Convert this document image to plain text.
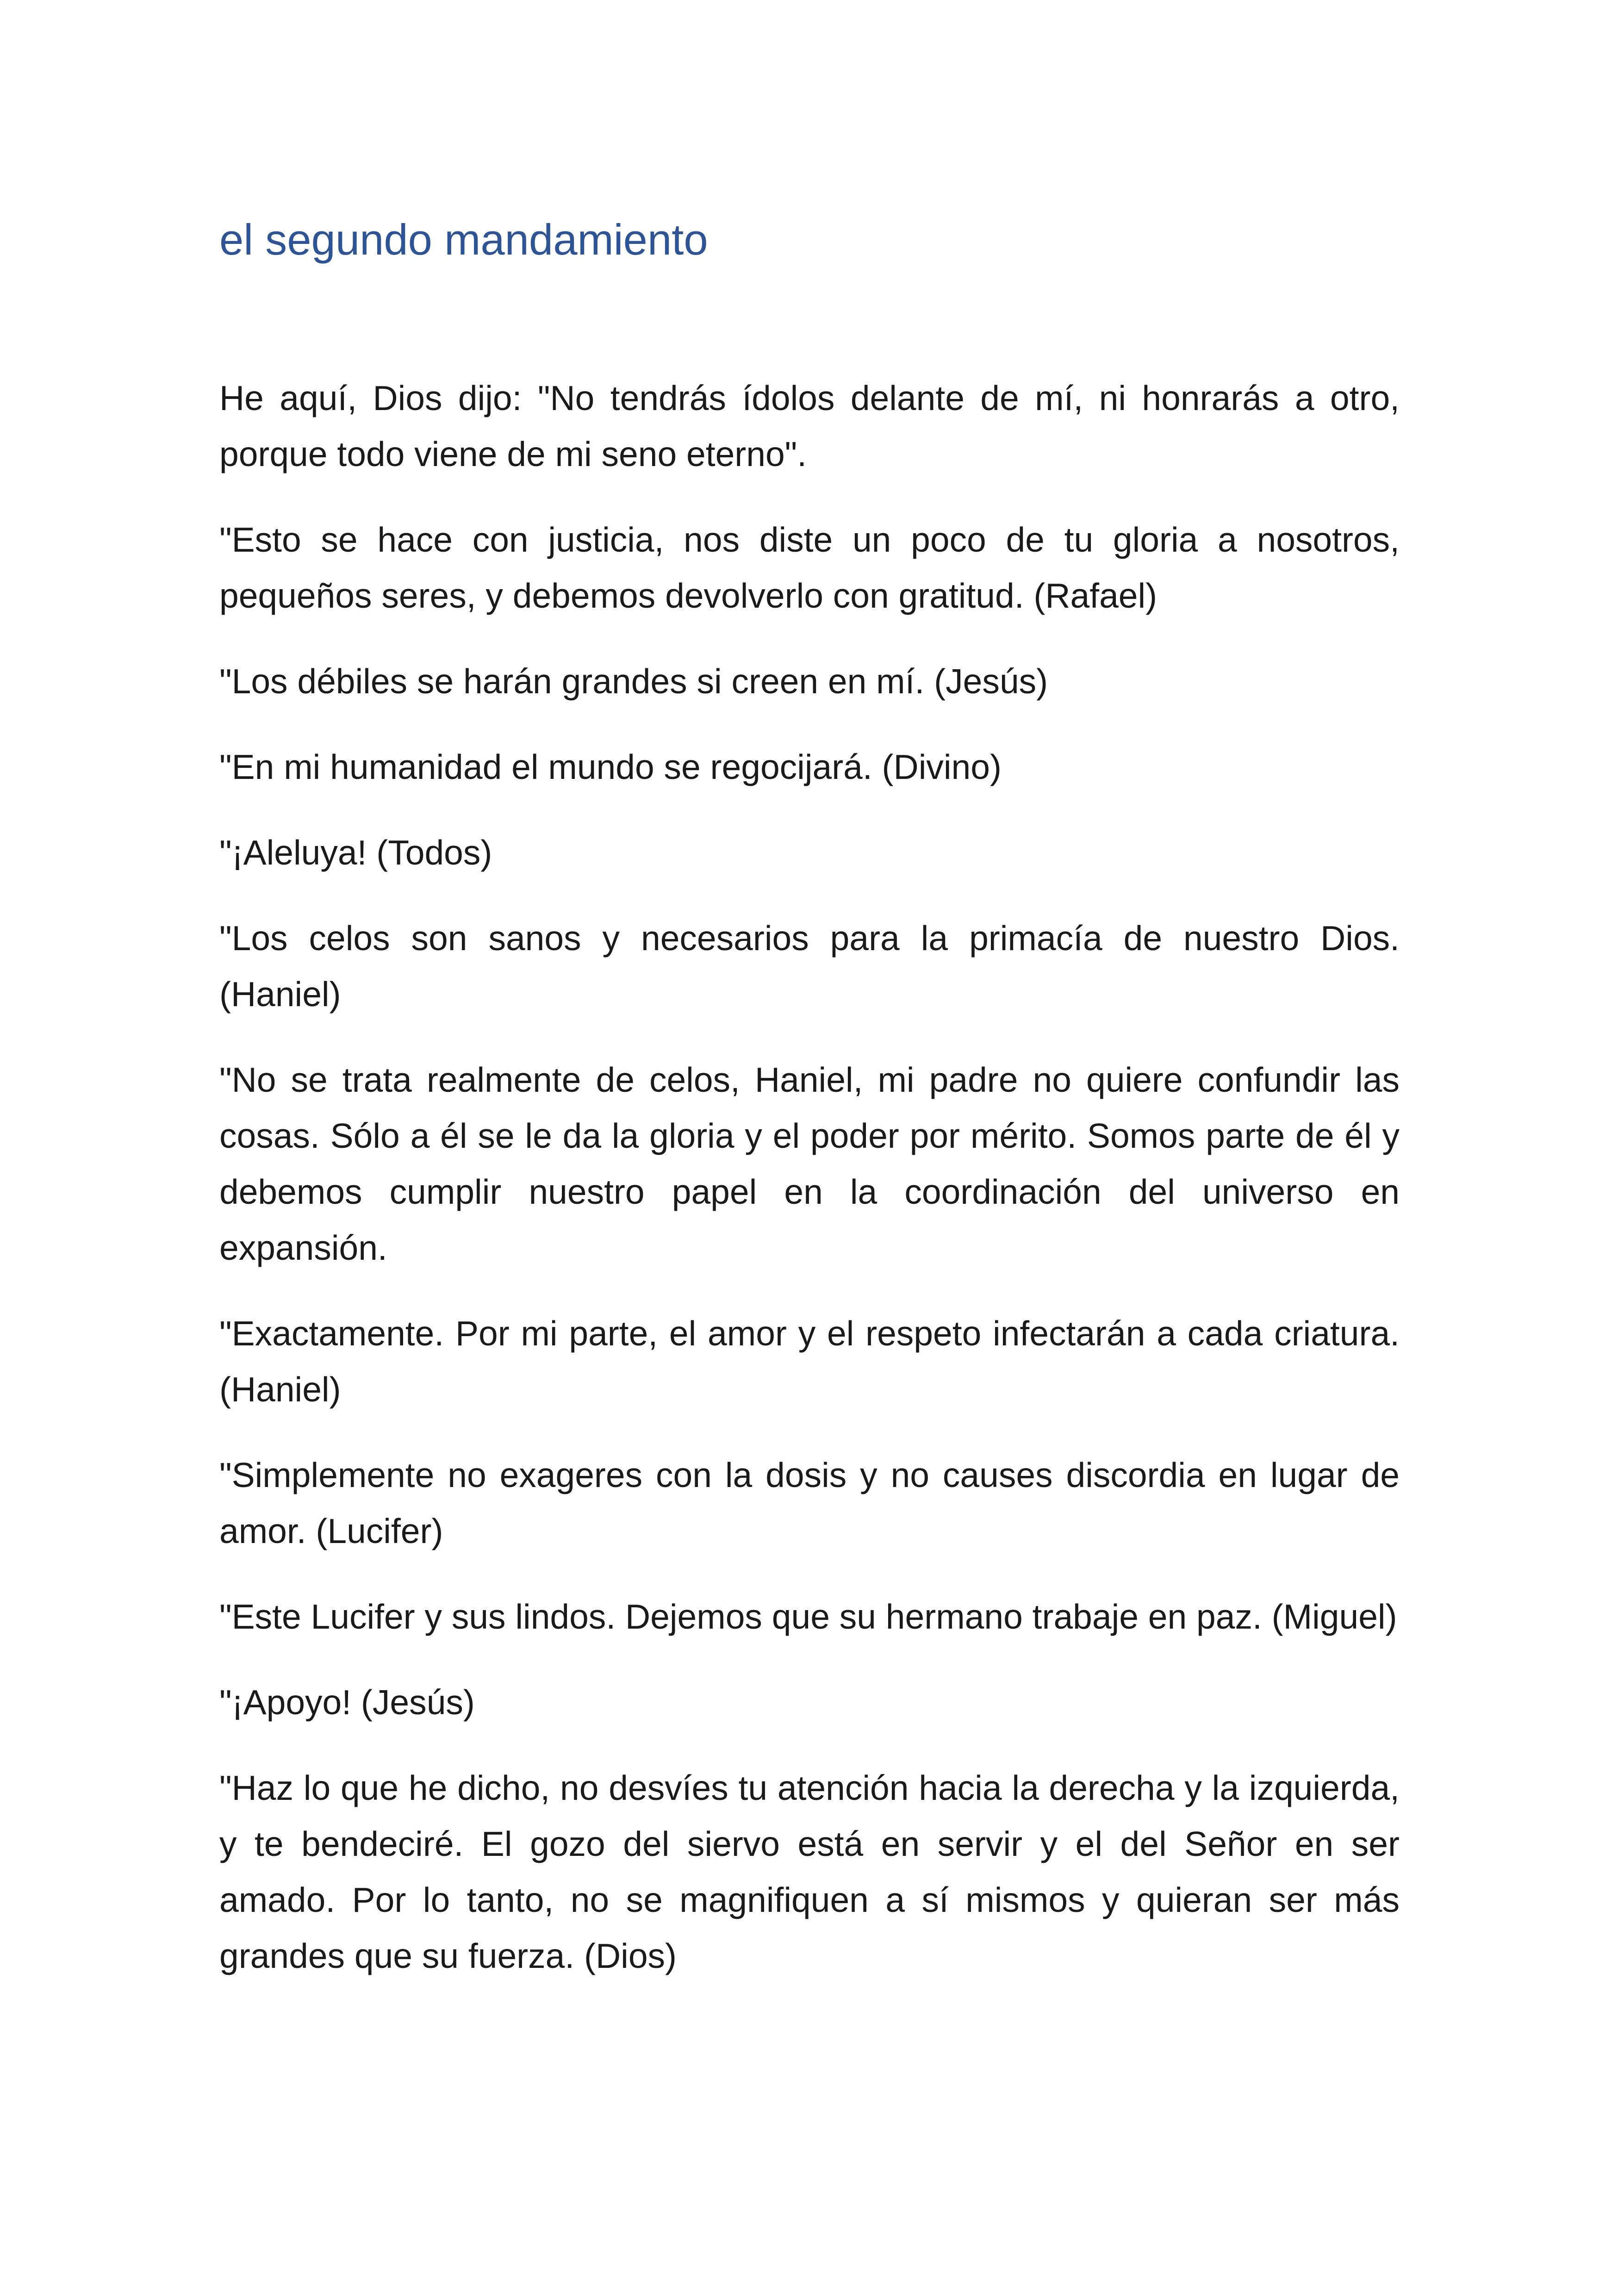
el segundo mandamiento

He aquí, Dios dijo: "No tendrás ídolos delante de mí, ni honrarás a otro, porque todo viene de mi seno eterno".

"Esto se hace con justicia, nos diste un poco de tu gloria a nosotros, pequeños seres, y debemos devolverlo con gratitud. (Rafael)

"Los débiles se harán grandes si creen en mí. (Jesús)

"En mi humanidad el mundo se regocijará. (Divino)

"¡Aleluya! (Todos)

"Los celos son sanos y necesarios para la primacía de nuestro Dios. (Haniel)

"No se trata realmente de celos, Haniel, mi padre no quiere confundir las cosas. Sólo a él se le da la gloria y el poder por mérito. Somos parte de él y debemos cumplir nuestro papel en la coordinación del universo en expansión.

"Exactamente. Por mi parte, el amor y el respeto infectarán a cada criatura. (Haniel)

"Simplemente no exageres con la dosis y no causes discordia en lugar de amor. (Lucifer)

"Este Lucifer y sus lindos. Dejemos que su hermano trabaje en paz. (Miguel)

"¡Apoyo! (Jesús)

"Haz lo que he dicho, no desvíes tu atención hacia la derecha y la izquierda, y te bendeciré. El gozo del siervo está en servir y el del Señor en ser amado. Por lo tanto, no se magnifiquen a sí mismos y quieran ser más grandes que su fuerza. (Dios)
